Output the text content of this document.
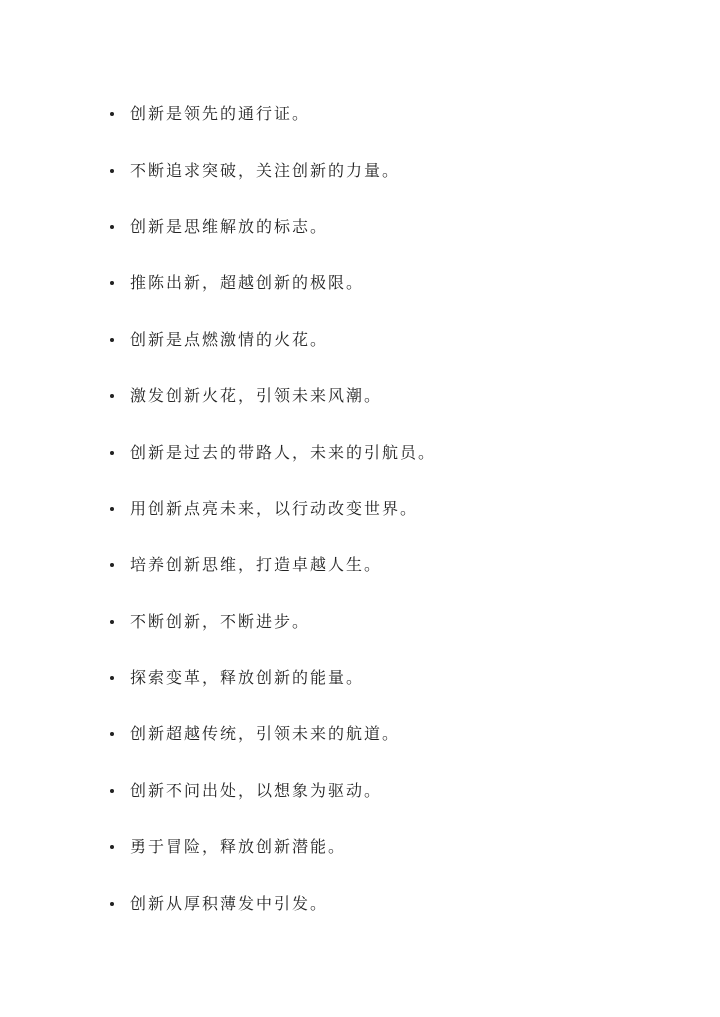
创新是领先的通行证。
不断追求突破，关注创新的力量。
创新是思维解放的标志。
推陈出新，超越创新的极限。
创新是点燃激情的火花。
激发创新火花，引领未来风潮。
创新是过去的带路人，未来的引航员。
用创新点亮未来，以行动改变世界。
培养创新思维，打造卓越人生。
不断创新，不断进步。
探索变革，释放创新的能量。
创新超越传统，引领未来的航道。
创新不问出处，以想象为驱动。
勇于冒险，释放创新潜能。
创新从厚积薄发中引发。
